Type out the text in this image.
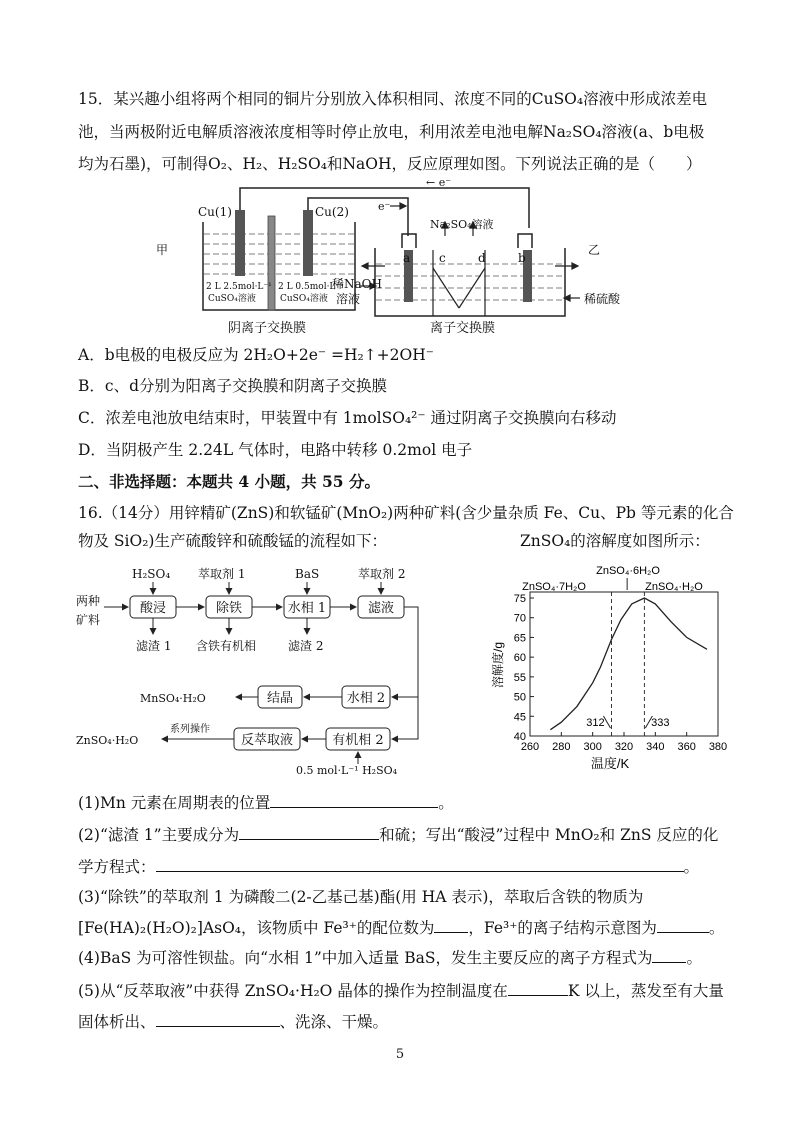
15．某兴趣小组将两个相同的铜片分别放入体积相同、浓度不同的CuSO₄溶液中形成浓差电
池，当两极附近电解质溶液浓度相等时停止放电，利用浓差电池电解Na₂SO₄溶液(a、b电极
均为石墨)，可制得O₂、H₂、H₂SO₄和NaOH，反应原理如图。下列说法正确的是（　　）
甲	乙
Cu(1)	Cu(2)
← e⁻
e⁻
2 L 2.5mol·L⁻¹
CuSO₄溶液
2 L 0.5mol·L⁻¹
CuSO₄溶液
Na₂SO₄溶液
a c	d	b
稀NaOH
溶液	稀硫酸
阴离子交换膜	离子交换膜
A．b电极的电极反应为 2H₂O+2e⁻ =H₂↑+2OH⁻
B．c、d分别为阳离子交换膜和阴离子交换膜
C．浓差电池放电结束时，甲装置中有 1molSO₄²⁻ 通过阴离子交换膜向右移动
D．当阴极产生 2.24L 气体时，电路中转移 0.2mol 电子
二、非选择题：本题共 4 小题，共 55 分。
16.（14分）用锌精矿(ZnS)和软锰矿(MnO₂)两种矿料(含少量杂质 Fe、Cu、Pb 等元素的化合
物及 SiO₂)生产硫酸锌和硫酸锰的流程如下：	ZnSO₄的溶解度如图所示：
H₂SO₄ 萃取剂 1	BaS	萃取剂 2
两种
矿料
滤渣 1 含铁有机相	滤渣 2
MnSO₄·H₂O
ZnSO₄·H₂O
系列操作
0.5 mol·L⁻¹ H₂SO₄
酸浸	除铁	水相 1	滤液
结晶	水相 2
反萃取液	有机相 2
ZnSO₄·6H₂O
ZnSO₄·7H₂O	ZnSO₄·H₂O
溶解度/g
温度/K
260 280 300 320 340 360 380
40
45
50
55
60
65
70
75
312	333
(1)Mn 元素在周期表的位置	。
(2)“滤渣 1”主要成分为	和硫；写出“酸浸”过程中 MnO₂和 ZnS 反应的化
学方程式：	。
(3)“除铁”的萃取剂 1 为磷酸二(2-乙基己基)酯(用 HA 表示)，萃取后含铁的物质为
[Fe(HA)₂(H₂O)₂]AsO₄，该物质中 Fe³⁺的配位数为 ，Fe³⁺的离子结构示意图为	。
(4)BaS 为可溶性钡盐。向“水相 1”中加入适量 BaS，发生主要反应的离子方程式为 。
(5)从“反萃取液”中获得 ZnSO₄·H₂O 晶体的操作为控制温度在	K 以上，蒸发至有大量
固体析出、	、洗涤、干燥。
5
